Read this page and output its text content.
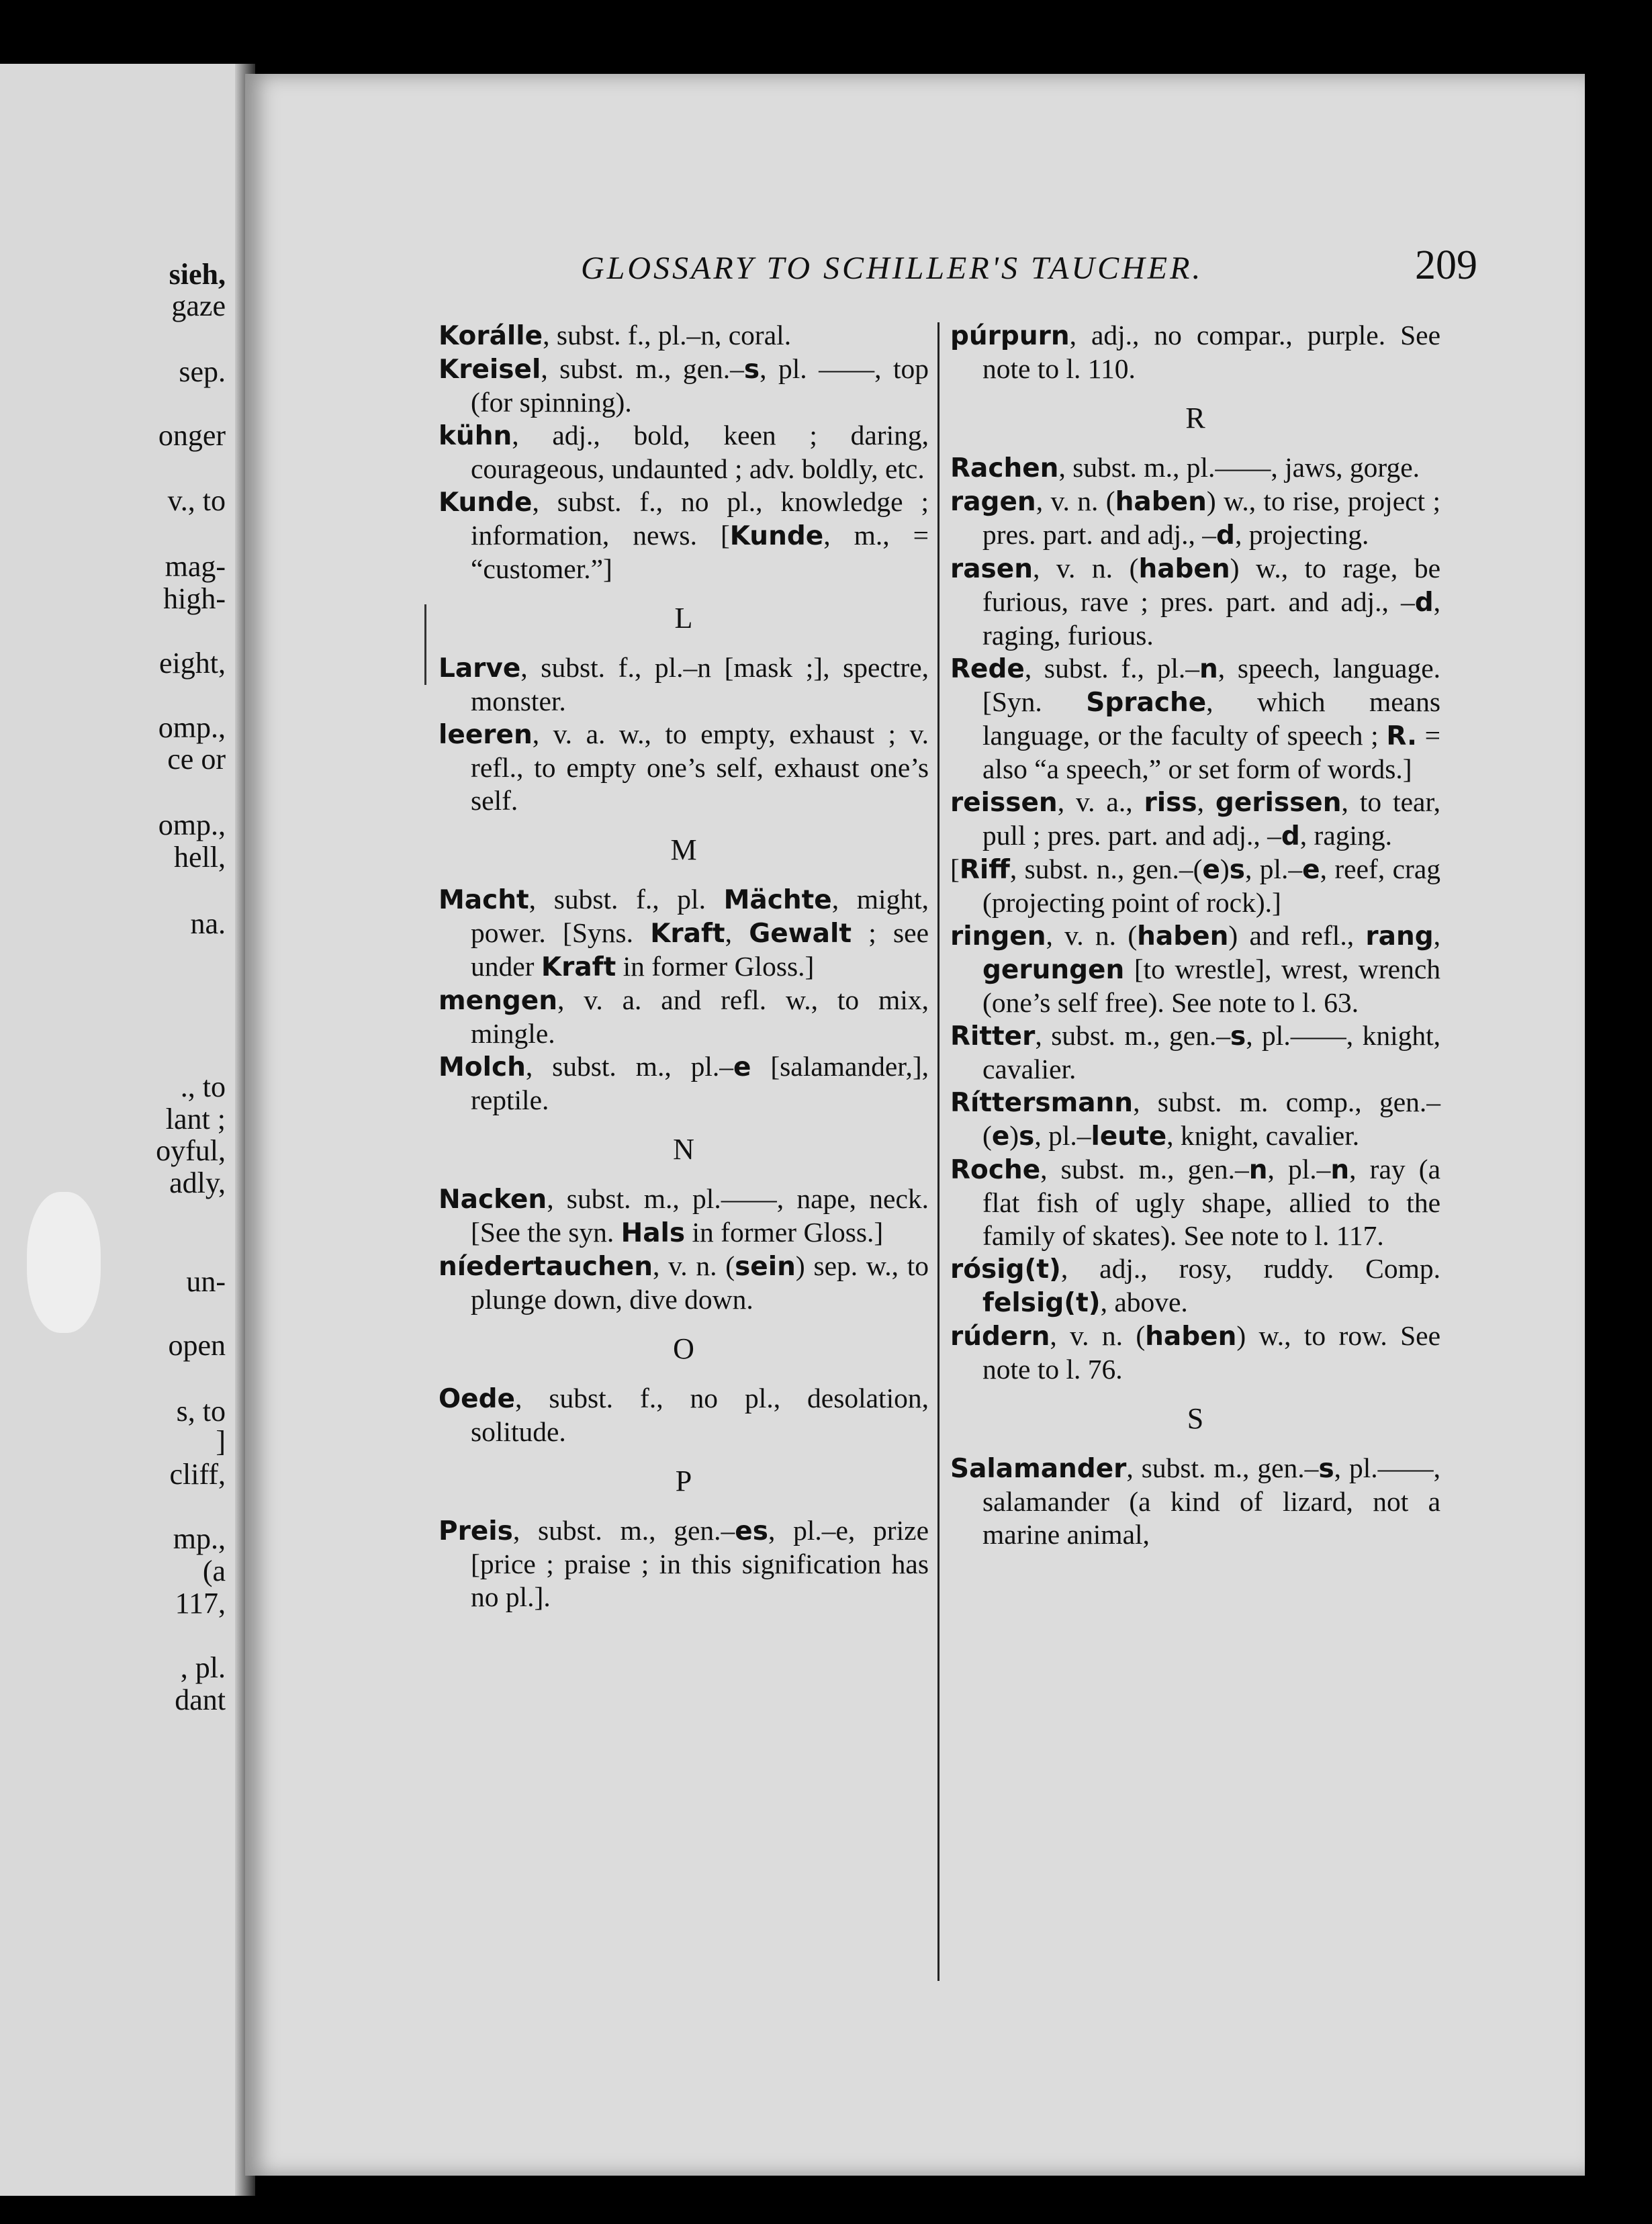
sieh,
gaze
sep.
onger
v., to
mag-
high-
eight,
omp.,
ce or
omp.,
hell,
na.
., to
lant ;
oyful,
adly,
un-
open
s, to
]
cliff,
mp.,
(a
117,
, pl.
dant
GLOSSARY TO SCHILLER'S TAUCHER.	209
Korálle, subst. f., pl.–n, coral.
Kreisel, subst. m., gen.–s, pl. ——, top (for spinning).
kühn, adj., bold, keen ; daring, courageous, undaunted ; adv. boldly, etc.
Kunde, subst. f., no pl., knowledge ; information, news. [Kunde, m., = “customer.”]
L
Larve, subst. f., pl.–n [mask ;], spectre, monster.
leeren, v. a. w., to empty, exhaust ; v. refl., to empty one’s self, exhaust one’s self.
M
Macht, subst. f., pl. Mächte, might, power. [Syns. Kraft, Gewalt ; see under Kraft in former Gloss.]
mengen, v. a. and refl. w., to mix, mingle.
Molch, subst. m., pl.–e [salamander,], reptile.
N
Nacken, subst. m., pl.——, nape, neck. [See the syn. Hals in former Gloss.]
níedertauchen, v. n. (sein) sep. w., to plunge down, dive down.
O
Oede, subst. f., no pl., desolation, solitude.
P
Preis, subst. m., gen.–es, pl.–e, prize [price ; praise ; in this signification has no pl.].
púrpurn, adj., no compar., purple. See note to l. 110.
R
Rachen, subst. m., pl.——, jaws, gorge.
ragen, v. n. (haben) w., to rise, project ; pres. part. and adj., –d, projecting.
rasen, v. n. (haben) w., to rage, be furious, rave ; pres. part. and adj., –d, raging, furious.
Rede, subst. f., pl.–n, speech, language. [Syn. Sprache, which means language, or the faculty of speech ; R. = also “a speech,” or set form of words.]
reissen, v. a., riss, gerissen, to tear, pull ; pres. part. and adj., –d, raging.
[Riff, subst. n., gen.–(e)s, pl.–e, reef, crag (projecting point of rock).]
ringen, v. n. (haben) and refl., rang, gerungen [to wrestle], wrest, wrench (one’s self free). See note to l. 63.
Ritter, subst. m., gen.–s, pl.——, knight, cavalier.
Ríttersmann, subst. m. comp., gen.–(e)s, pl.–leute, knight, cavalier.
Roche, subst. m., gen.–n, pl.–n, ray (a flat fish of ugly shape, allied to the family of skates). See note to l. 117.
rósig(t), adj., rosy, ruddy. Comp. felsig(t), above.
rúdern, v. n. (haben) w., to row. See note to l. 76.
S
Salamander, subst. m., gen.–s, pl.——, salamander (a kind of lizard, not a marine animal,
